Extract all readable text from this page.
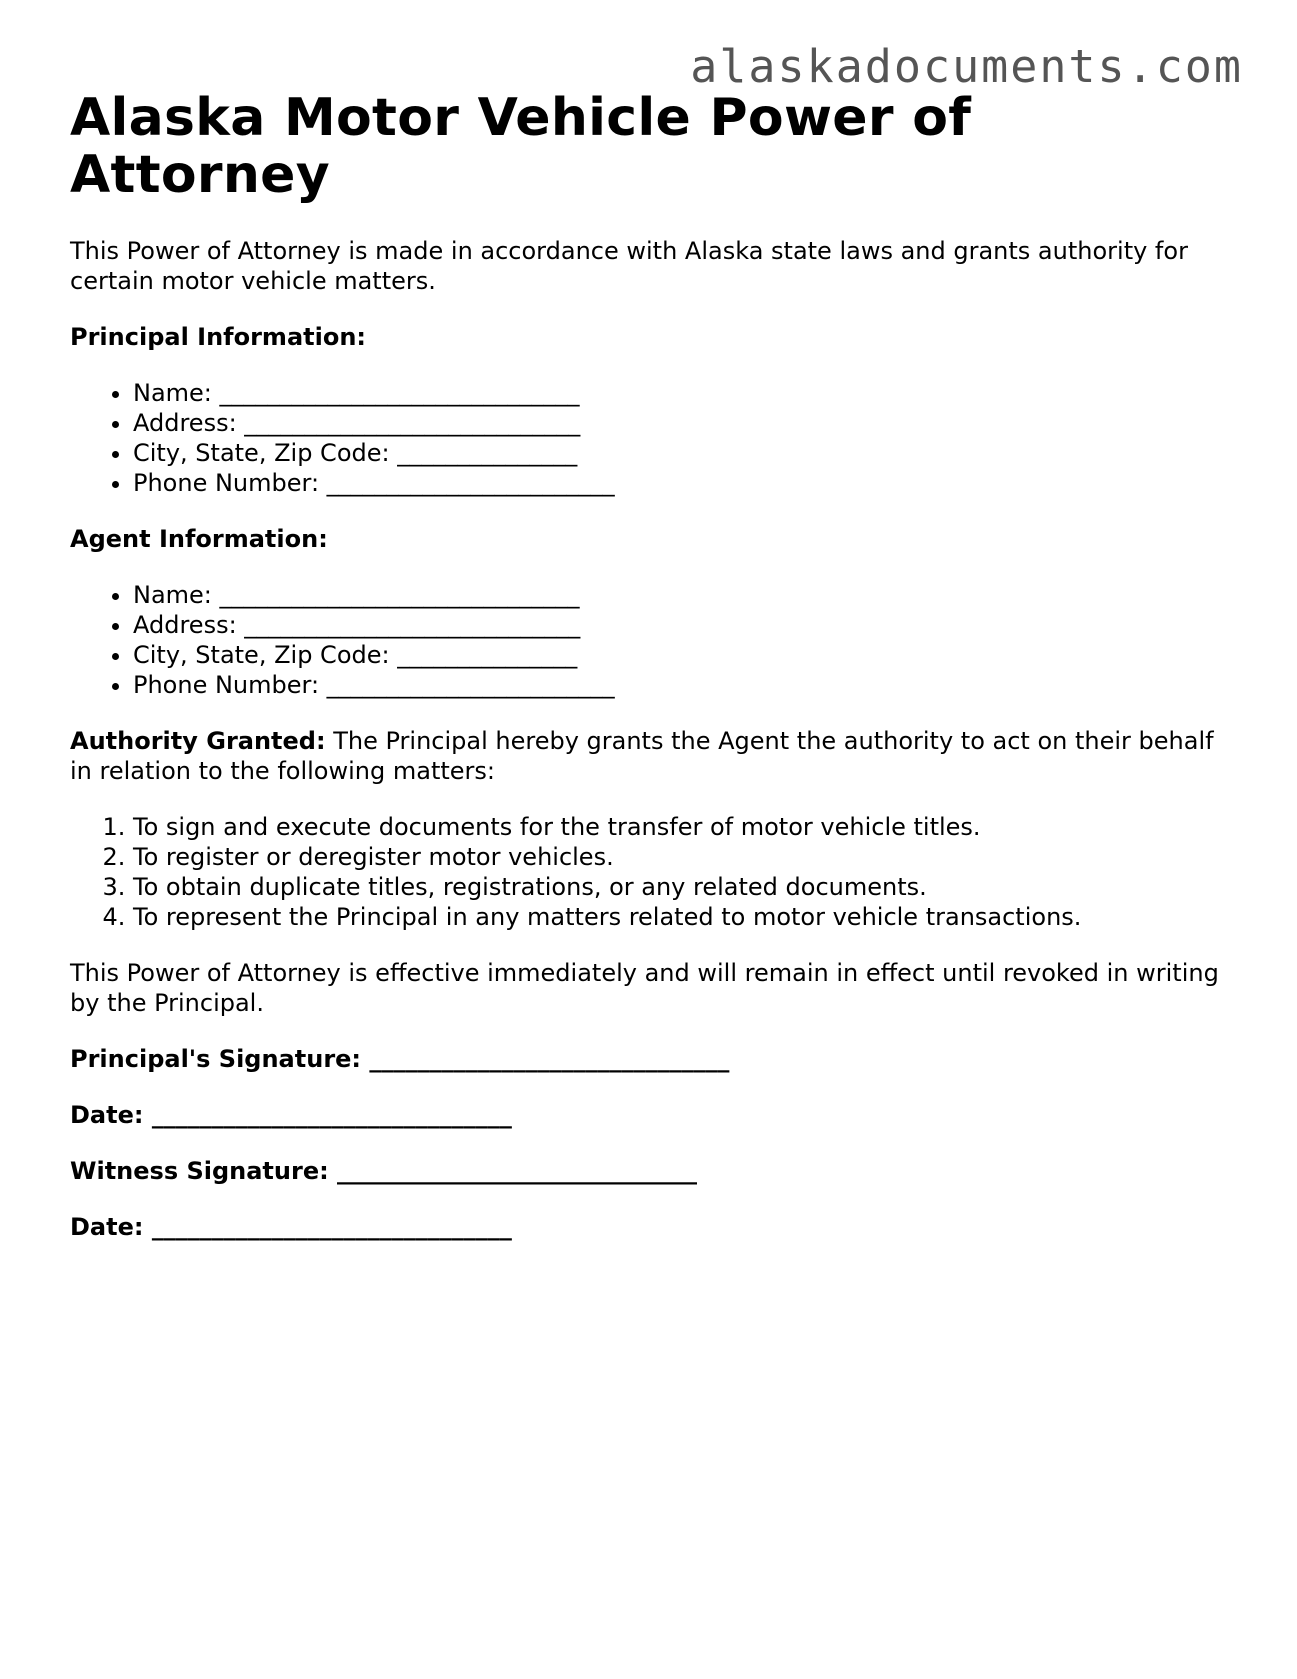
alaskadocuments.com
Alaska Motor Vehicle Power of Attorney

This Power of Attorney is made in accordance with Alaska state laws and grants authority for certain motor vehicle matters.

Principal Information:

• Name: ______________________________
• Address: ____________________________
• City, State, Zip Code: _______________
• Phone Number: ________________________

Agent Information:

• Name: ______________________________
• Address: ____________________________
• City, State, Zip Code: _______________
• Phone Number: ________________________

Authority Granted: The Principal hereby grants the Agent the authority to act on their behalf in relation to the following matters:

1. To sign and execute documents for the transfer of motor vehicle titles.
2. To register or deregister motor vehicles.
3. To obtain duplicate titles, registrations, or any related documents.
4. To represent the Principal in any matters related to motor vehicle transactions.

This Power of Attorney is effective immediately and will remain in effect until revoked in writing by the Principal.

Principal's Signature: ______________________________

Date: ______________________________

Witness Signature: ______________________________

Date: ______________________________
